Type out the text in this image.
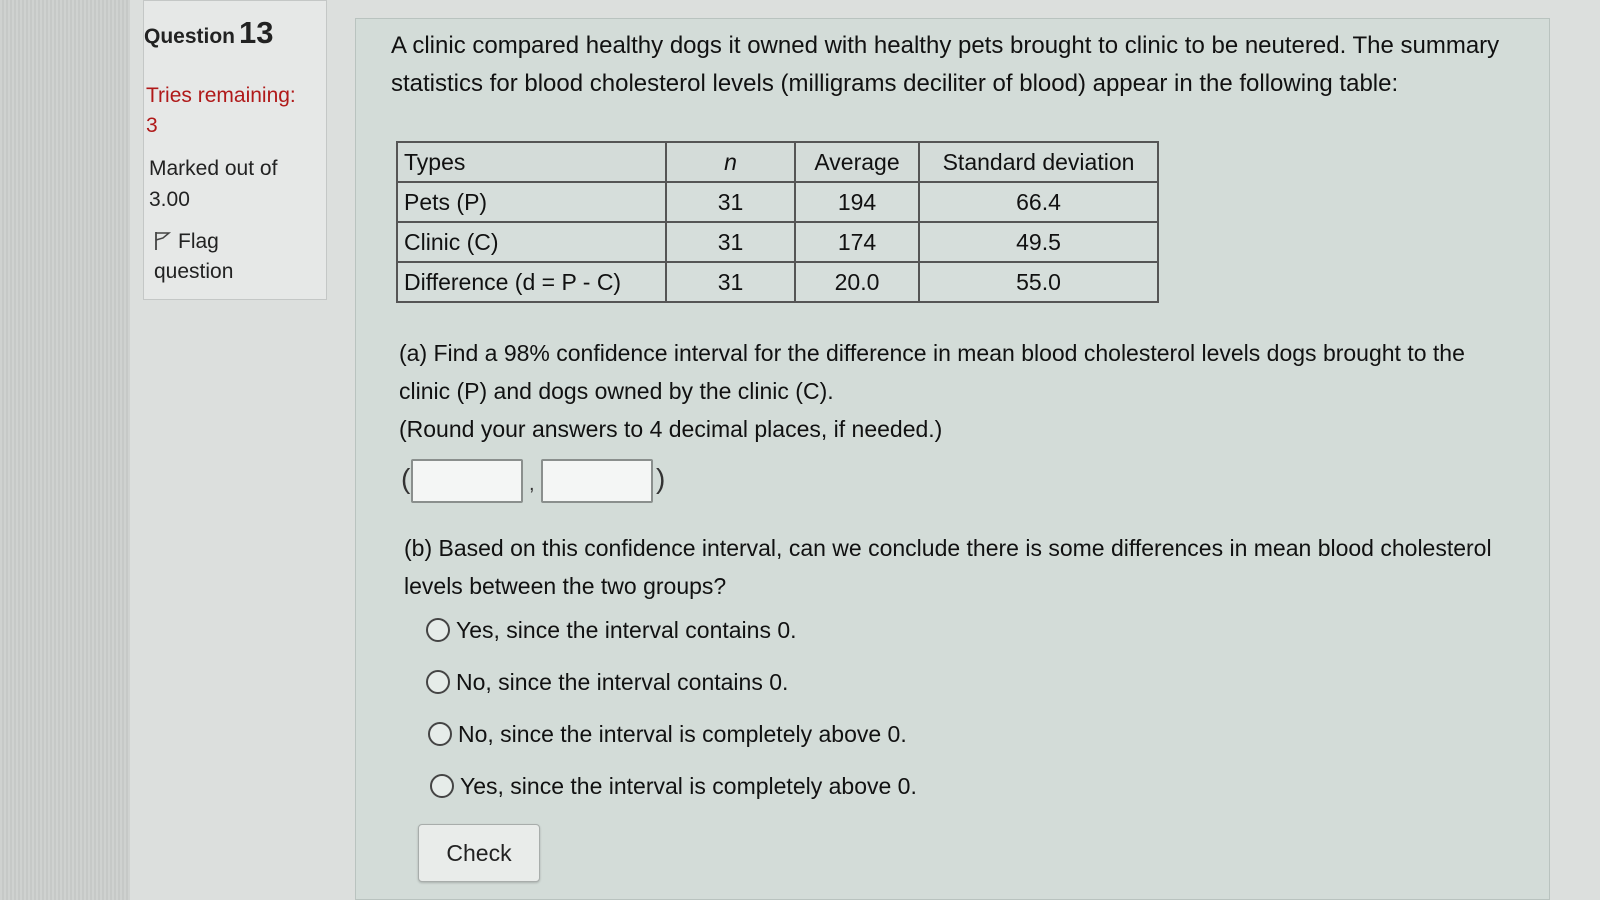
Question 13
Tries remaining:
3
Marked out of
3.00
Flag
question
A clinic compared healthy dogs it owned with healthy pets brought to clinic to be neutered. The summary statistics for blood cholesterol levels (milligrams deciliter of blood) appear in the following table:
Types	n	Average	Standard deviation
Pets (P)	31	194	66.4
Clinic (C)	31	174	49.5
Difference (d = P - C)	31	20.0	55.0
(a) Find a 98% confidence interval for the difference in mean blood cholesterol levels dogs brought to the clinic (P) and dogs owned by the clinic (C).
(Round your answers to 4 decimal places, if needed.)
(	,	)
(b) Based on this confidence interval, can we conclude there is some differences in mean blood cholesterol levels between the two groups?
Yes, since the interval contains 0.
No, since the interval contains 0.
No, since the interval is completely above 0.
Yes, since the interval is completely above 0.
Check
